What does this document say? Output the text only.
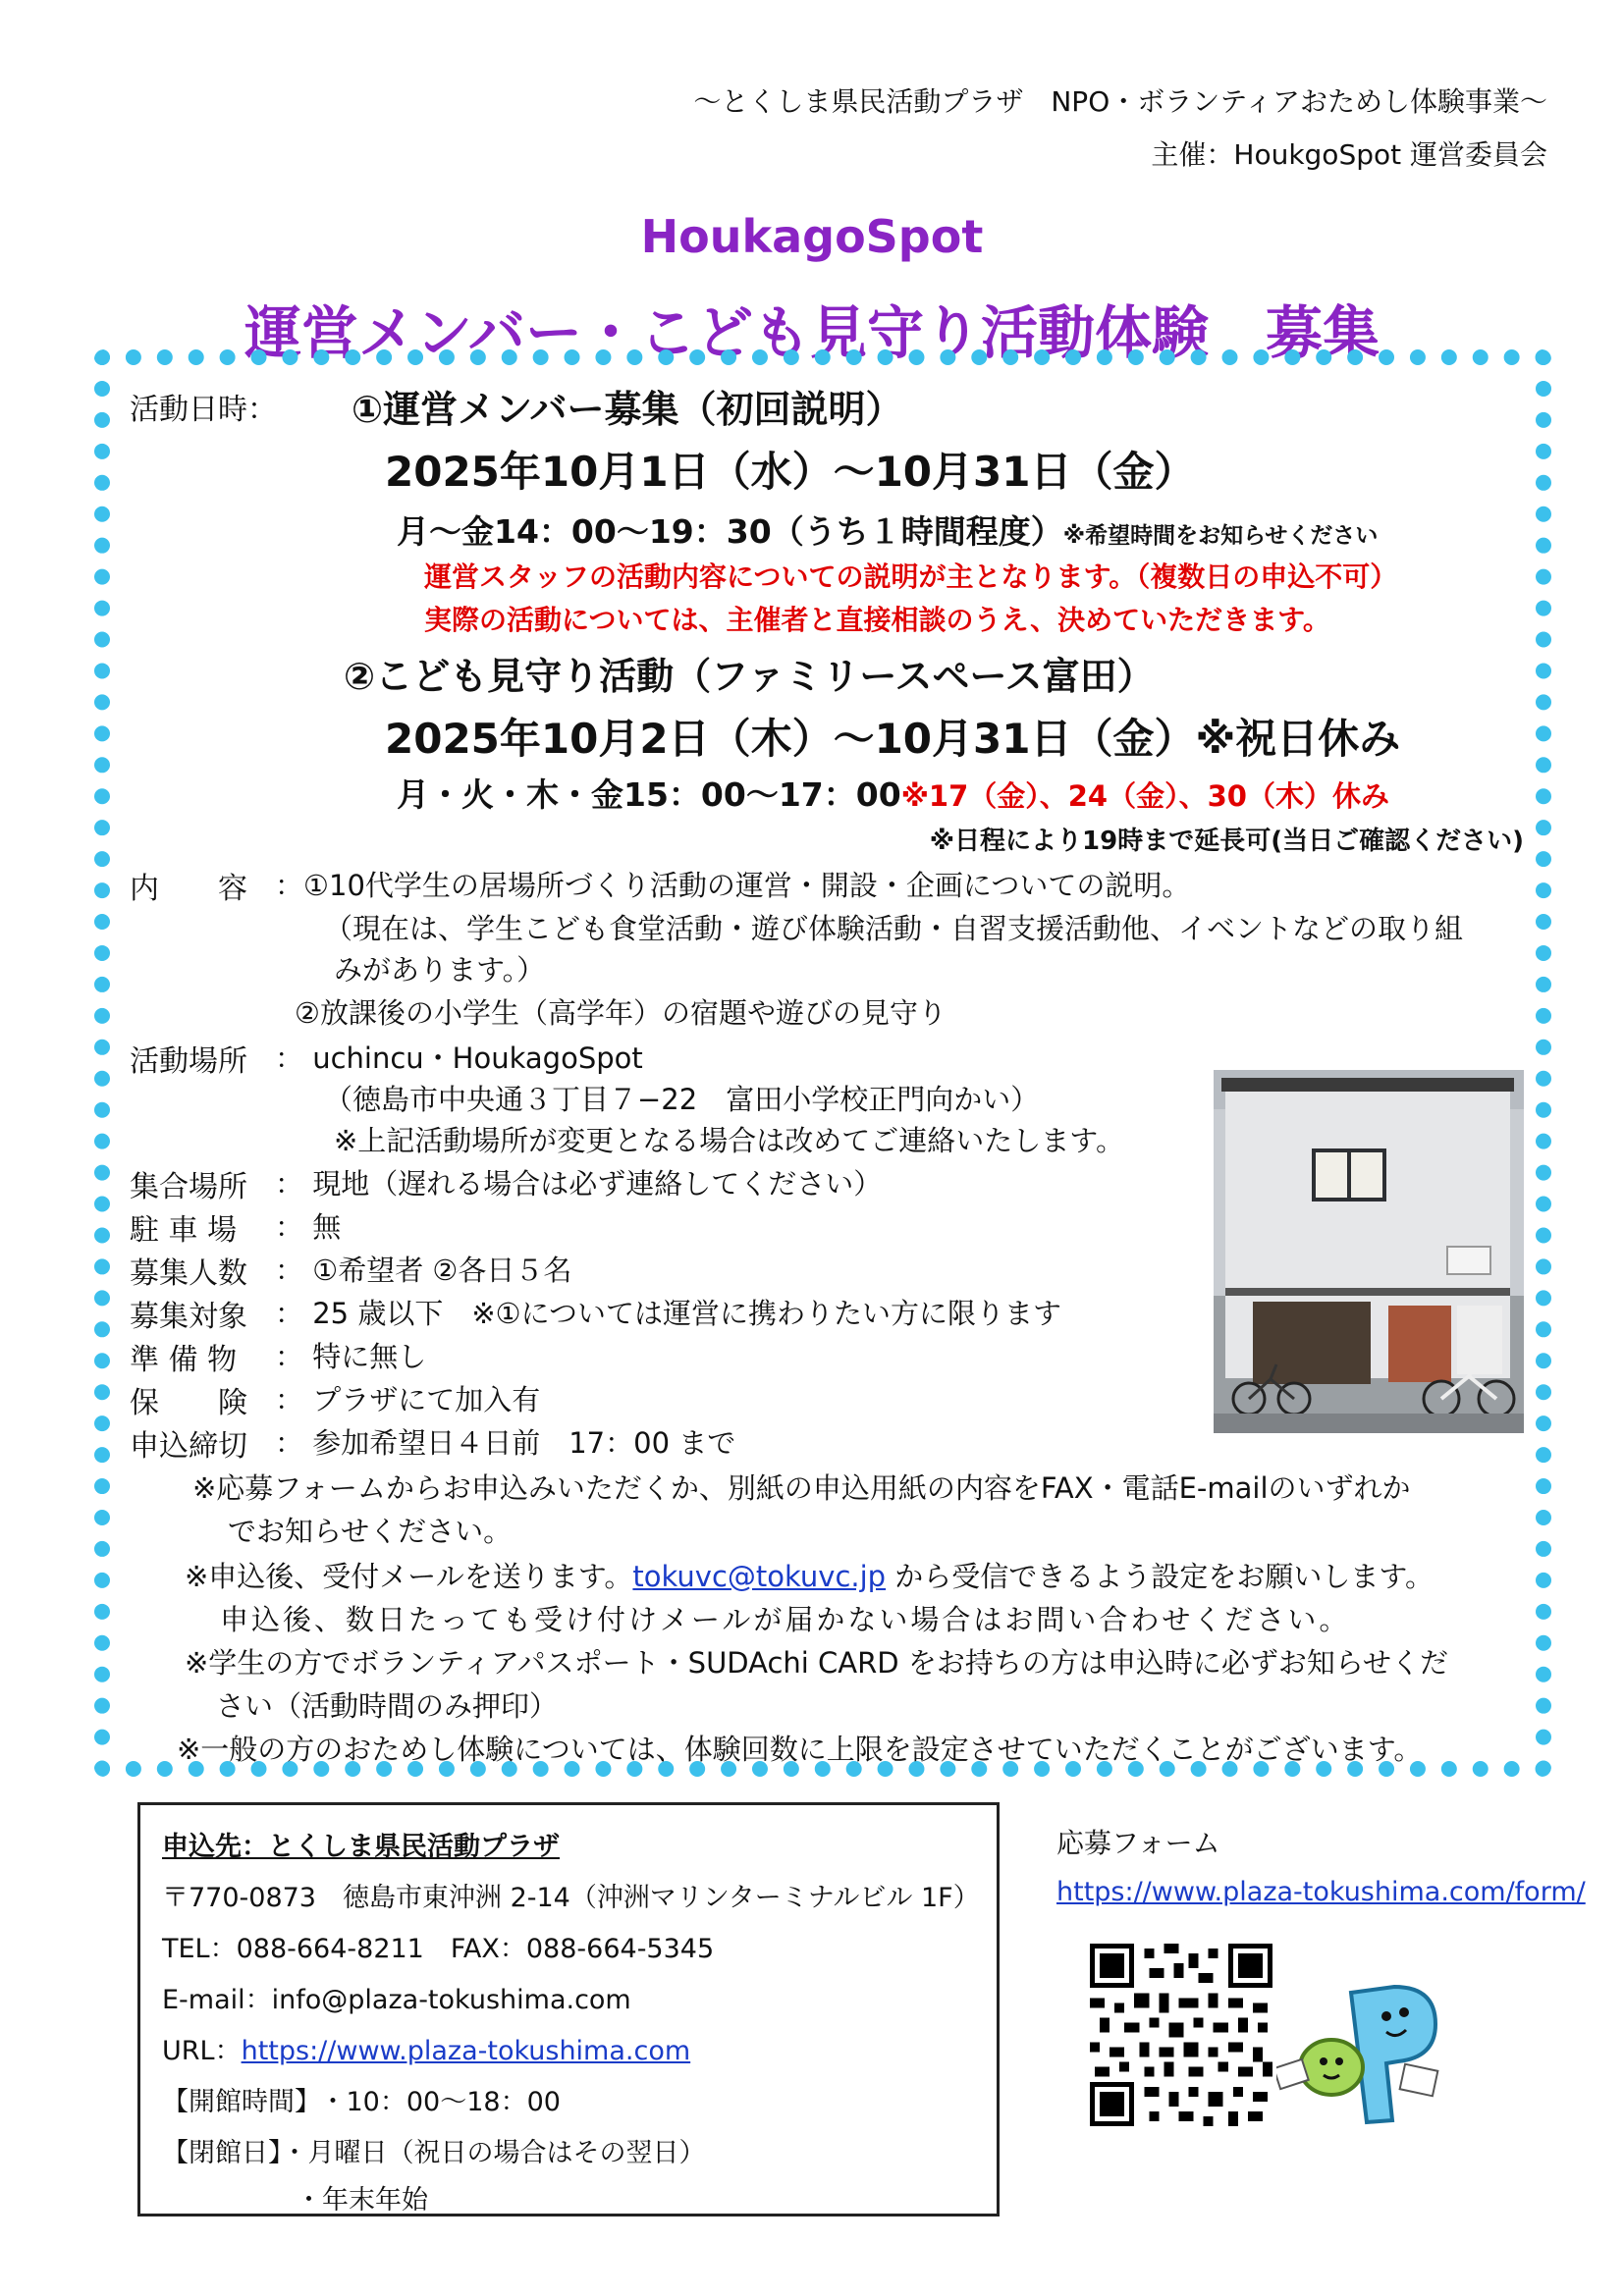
～とくしま県民活動プラザ　NPO・ボランティアおためし体験事業～
主催：HoukgoSpot 運営委員会
HoukagoSpot
運営メンバー・こども見守り活動体験　募集
活動日時： ①運営メンバー募集（初回説明）
2025年10月1日（水）～10月31日（金）
月～金14：00～19：30（うち１時間程度）※希望時間をお知らせください
運営スタッフの活動内容についての説明が主となります。（複数日の申込不可）
実際の活動については、主催者と直接相談のうえ、決めていただきます。
②こども見守り活動（ファミリースペース富田）
2025年10月2日（木）～10月31日（金）※祝日休み
月・火・木・金15：00～17：00※17（金）、24（金）、30（木）休み
※日程により19時まで延長可(当日ご確認ください)
内　　容 ：①10代学生の居場所づくり活動の運営・開設・企画についての説明。
（現在は、学生こども食堂活動・遊び体験活動・自習支援活動他、イベントなどの取り組
みがあります。）
②放課後の小学生（高学年）の宿題や遊びの見守り
活動場所 ： uchincu・HoukagoSpot
（徳島市中央通３丁目７−22　富田小学校正門向かい）
※上記活動場所が変更となる場合は改めてご連絡いたします。
集合場所 ： 現地（遅れる場合は必ず連絡してください）
駐 車 場 ： 無
募集人数 ： ①希望者 ②各日５名
募集対象 ： 25 歳以下　※①については運営に携わりたい方に限ります
準 備 物 ： 特に無し
保　　険 ： プラザにて加入有
申込締切 ： 参加希望日４日前　17：00 まで
※応募フォームからお申込みいただくか、別紙の申込用紙の内容をFAX・電話E-mailのいずれか
でお知らせください。
※申込後、受付メールを送ります。tokuvc@tokuvc.jp から受信できるよう設定をお願いします。
申込後、数日たっても受け付けメールが届かない場合はお問い合わせください。
※学生の方でボランティアパスポート・SUDAchi CARD をお持ちの方は申込時に必ずお知らせくだ
さい（活動時間のみ押印）
※一般の方のおためし体験については、体験回数に上限を設定させていただくことがございます。
申込先：とくしま県民活動プラザ
〒770-0873　徳島市東沖洲 2-14（沖洲マリンターミナルビル 1F）
TEL：088-664-8211　FAX：088-664-5345
E-mail：info@plaza-tokushima.com
URL：https://www.plaza-tokushima.com
【開館時間】 ・10：00～18：00
【閉館日】・月曜日（祝日の場合はその翌日）
・年末年始
応募フォーム
https://www.plaza-tokushima.com/form/
